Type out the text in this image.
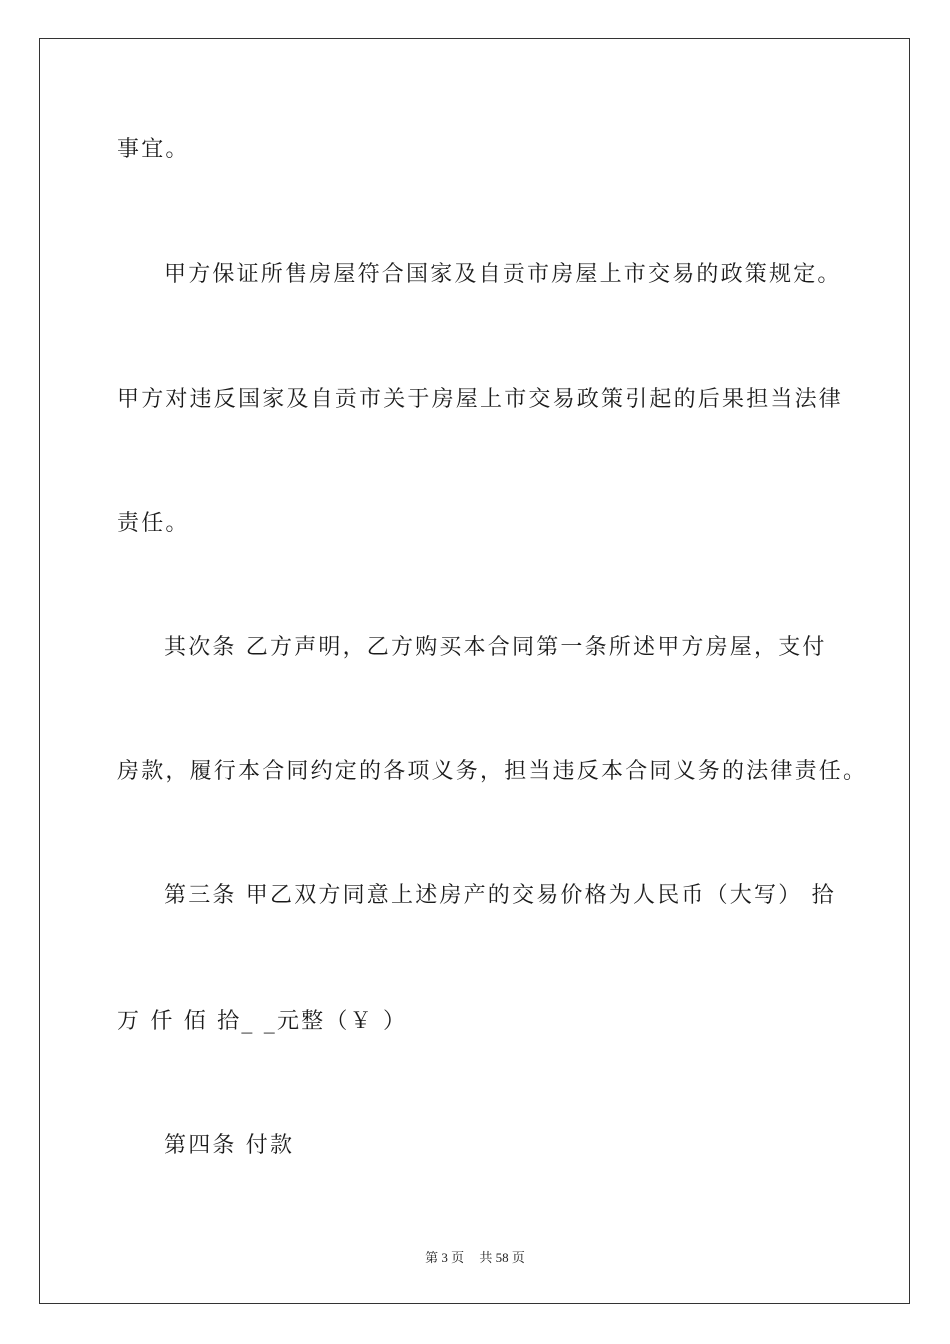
事宜。
甲方保证所售房屋符合国家及自贡市房屋上市交易的政策规定。
甲方对违反国家及自贡市关于房屋上市交易政策引起的后果担当法律
责任。
其次条 乙方声明，乙方购买本合同第一条所述甲方房屋，支付
房款，履行本合同约定的各项义务，担当违反本合同义务的法律责任。
第三条 甲乙双方同意上述房产的交易价格为人民币（大写） 拾
万 仟 佰 拾_ _元整（￥ ）
第四条 付款
第 3 页 共 58 页
